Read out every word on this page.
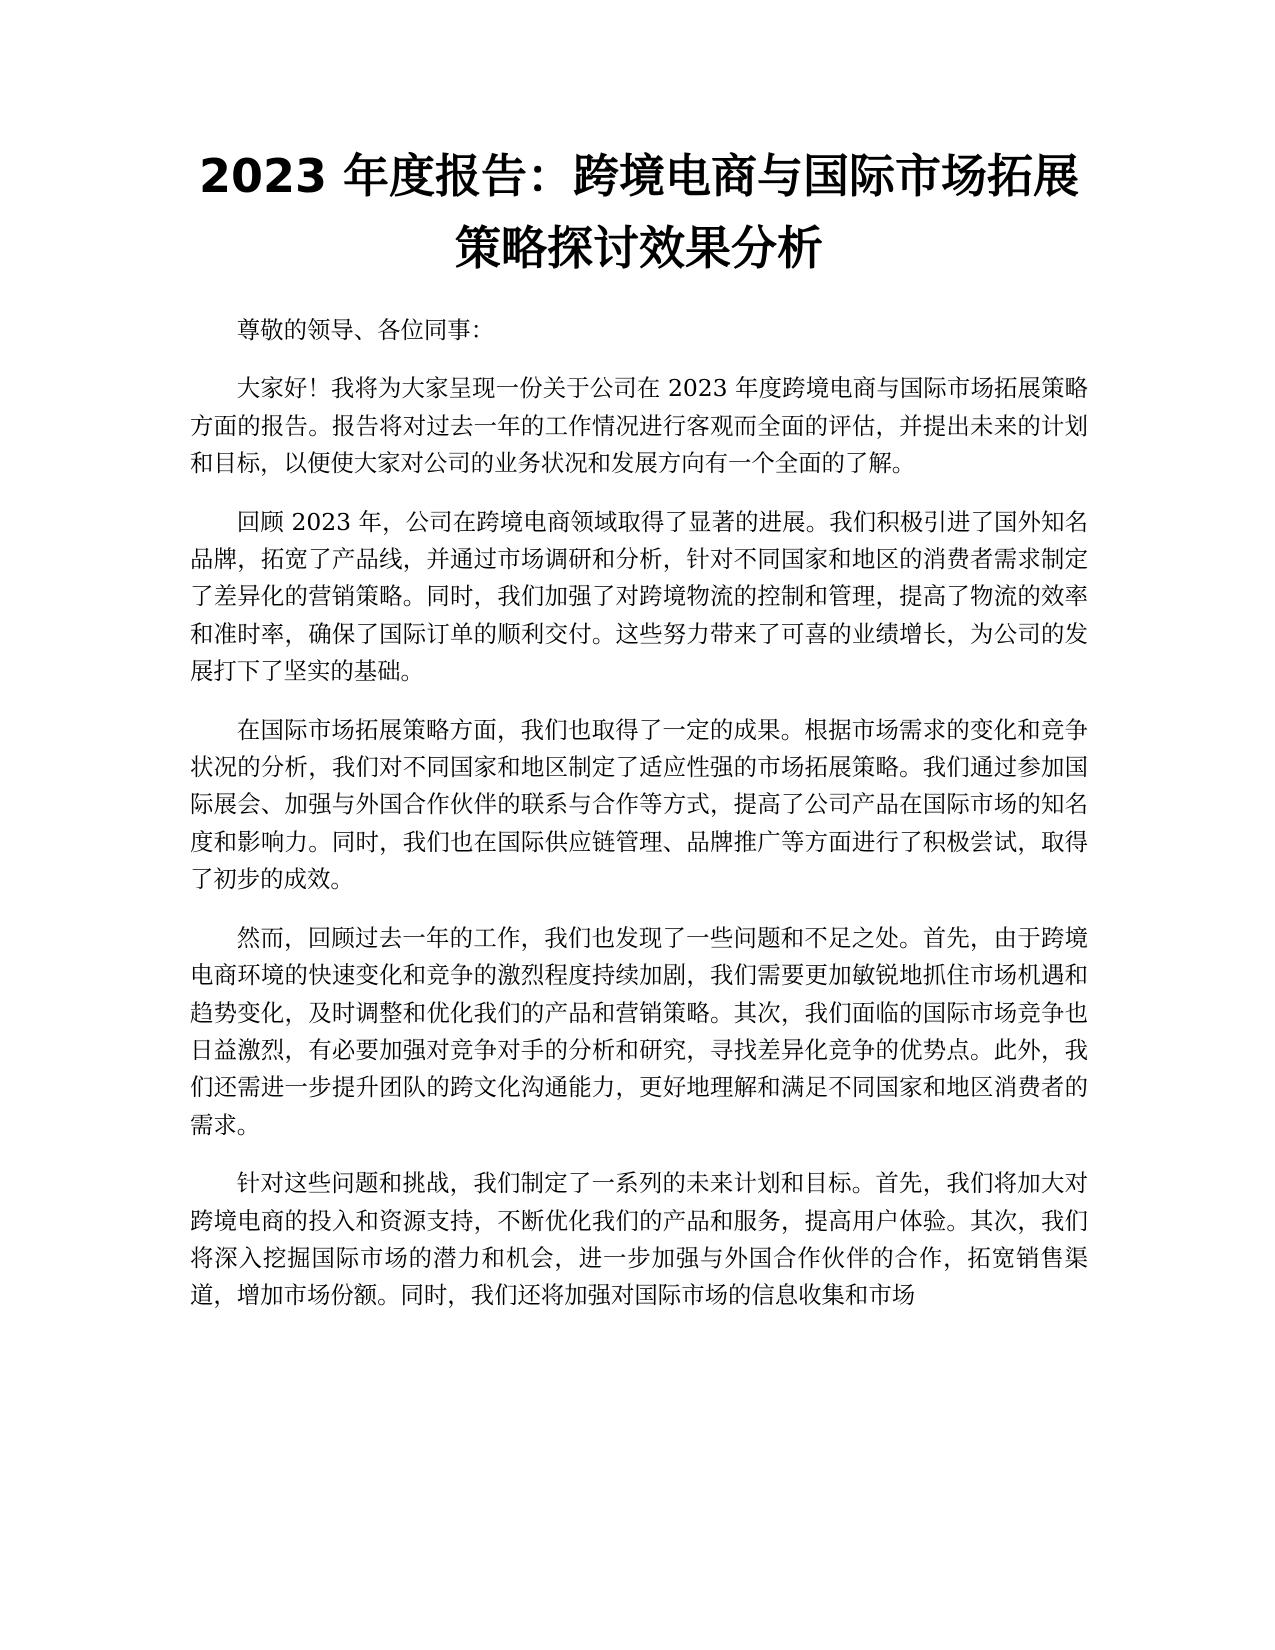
2023 年度报告：跨境电商与国际市场拓展策略探讨效果分析

尊敬的领导、各位同事：

大家好！我将为大家呈现一份关于公司在 2023 年度跨境电商与国际市场拓展策略方面的报告。报告将对过去一年的工作情况进行客观而全面的评估，并提出未来的计划和目标，以便使大家对公司的业务状况和发展方向有一个全面的了解。

回顾 2023 年，公司在跨境电商领域取得了显著的进展。我们积极引进了国外知名品牌，拓宽了产品线，并通过市场调研和分析，针对不同国家和地区的消费者需求制定了差异化的营销策略。同时，我们加强了对跨境物流的控制和管理，提高了物流的效率和准时率，确保了国际订单的顺利交付。这些努力带来了可喜的业绩增长，为公司的发展打下了坚实的基础。

在国际市场拓展策略方面，我们也取得了一定的成果。根据市场需求的变化和竞争状况的分析，我们对不同国家和地区制定了适应性强的市场拓展策略。我们通过参加国际展会、加强与外国合作伙伴的联系与合作等方式，提高了公司产品在国际市场的知名度和影响力。同时，我们也在国际供应链管理、品牌推广等方面进行了积极尝试，取得了初步的成效。

然而，回顾过去一年的工作，我们也发现了一些问题和不足之处。首先，由于跨境电商环境的快速变化和竞争的激烈程度持续加剧，我们需要更加敏锐地抓住市场机遇和趋势变化，及时调整和优化我们的产品和营销策略。其次，我们面临的国际市场竞争也日益激烈，有必要加强对竞争对手的分析和研究，寻找差异化竞争的优势点。此外，我们还需进一步提升团队的跨文化沟通能力，更好地理解和满足不同国家和地区消费者的需求。

针对这些问题和挑战，我们制定了一系列的未来计划和目标。首先，我们将加大对跨境电商的投入和资源支持，不断优化我们的产品和服务，提高用户体验。其次，我们将深入挖掘国际市场的潜力和机会，进一步加强与外国合作伙伴的合作，拓宽销售渠道，增加市场份额。同时，我们还将加强对国际市场的信息收集和市场
